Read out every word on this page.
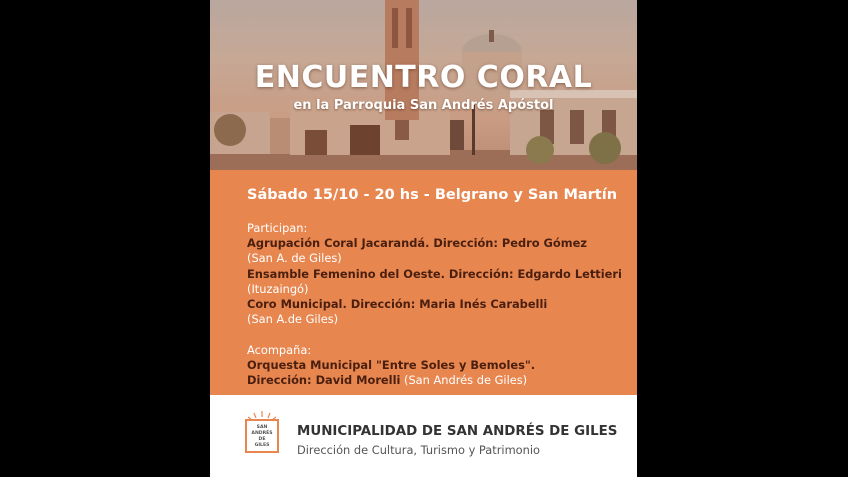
ENCUENTRO CORAL
en la Parroquia San Andrés Apóstol
Sábado 15/10 - 20 hs - Belgrano y San Martín
Participan:
Agrupación Coral Jacarandá. Dirección: Pedro Gómez
(San A. de Giles)
Ensamble Femenino del Oeste. Dirección: Edgardo Lettieri
(Ituzaingó)
Coro Municipal. Dirección: Maria Inés Carabelli
(San A.de Giles)
Acompaña:
Orquesta Municipal "Entre Soles y Bemoles".
Dirección: David Morelli (San Andrés de Giles)
SAN
ANDRÉS
DE
GILES
MUNICIPALIDAD DE SAN ANDRÉS DE GILES
Dirección de Cultura, Turismo y Patrimonio
